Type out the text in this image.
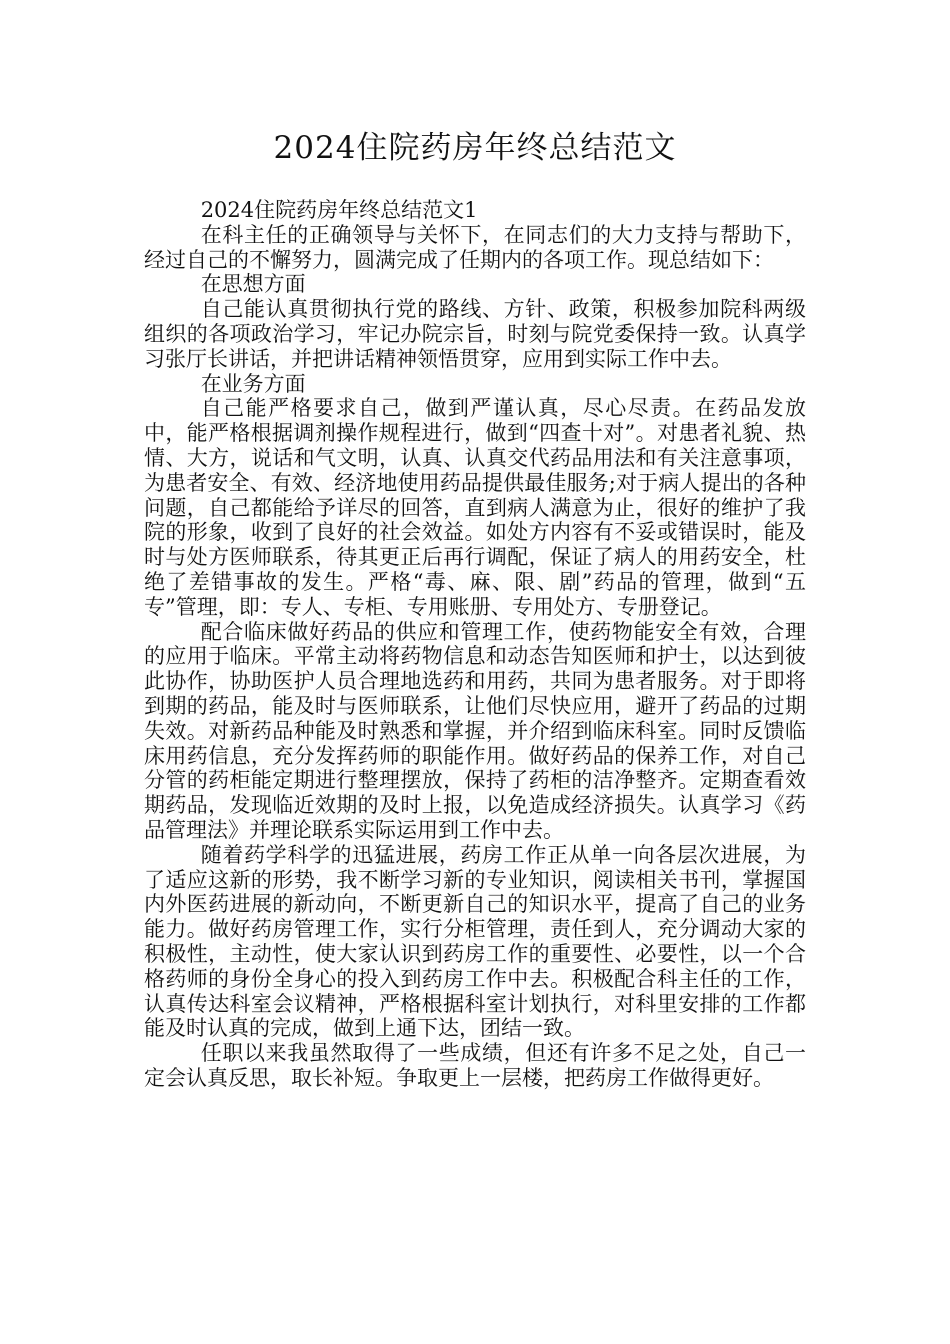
2024住院药房年终总结范文

2024住院药房年终总结范文1

在科主任的正确领导与关怀下，在同志们的大力支持与帮助下，经过自己的不懈努力，圆满完成了任期内的各项工作。现总结如下：

在思想方面

自己能认真贯彻执行党的路线、方针、政策，积极参加院科两级组织的各项政治学习，牢记办院宗旨，时刻与院党委保持一致。认真学习张厅长讲话，并把讲话精神领悟贯穿，应用到实际工作中去。

在业务方面

自己能严格要求自己，做到严谨认真，尽心尽责。在药品发放中，能严格根据调剂操作规程进行，做到“四查十对”。对患者礼貌、热情、大方，说话和气文明，认真、认真交代药品用法和有关注意事项，为患者安全、有效、经济地使用药品提供最佳服务;对于病人提出的各种问题，自己都能给予详尽的回答，直到病人满意为止，很好的维护了我院的形象，收到了良好的社会效益。如处方内容有不妥或错误时，能及时与处方医师联系，待其更正后再行调配，保证了病人的用药安全，杜绝了差错事故的发生。严格“毒、麻、限、剧”药品的管理，做到“五专”管理，即：专人、专柜、专用账册、专用处方、专册登记。

配合临床做好药品的供应和管理工作，使药物能安全有效，合理的应用于临床。平常主动将药物信息和动态告知医师和护士，以达到彼此协作，协助医护人员合理地选药和用药，共同为患者服务。对于即将到期的药品，能及时与医师联系，让他们尽快应用，避开了药品的过期失效。对新药品种能及时熟悉和掌握，并介绍到临床科室。同时反馈临床用药信息，充分发挥药师的职能作用。做好药品的保养工作，对自己分管的药柜能定期进行整理摆放，保持了药柜的洁净整齐。定期查看效期药品，发现临近效期的及时上报，以免造成经济损失。认真学习《药品管理法》并理论联系实际运用到工作中去。

随着药学科学的迅猛进展，药房工作正从单一向各层次进展，为了适应这新的形势，我不断学习新的专业知识，阅读相关书刊，掌握国内外医药进展的新动向，不断更新自己的知识水平，提高了自己的业务能力。做好药房管理工作，实行分柜管理，责任到人，充分调动大家的积极性，主动性，使大家认识到药房工作的重要性、必要性，以一个合格药师的身份全身心的投入到药房工作中去。积极配合科主任的工作，认真传达科室会议精神，严格根据科室计划执行，对科里安排的工作都能及时认真的完成，做到上通下达，团结一致。

任职以来我虽然取得了一些成绩，但还有许多不足之处，自己一定会认真反思，取长补短。争取更上一层楼，把药房工作做得更好。
